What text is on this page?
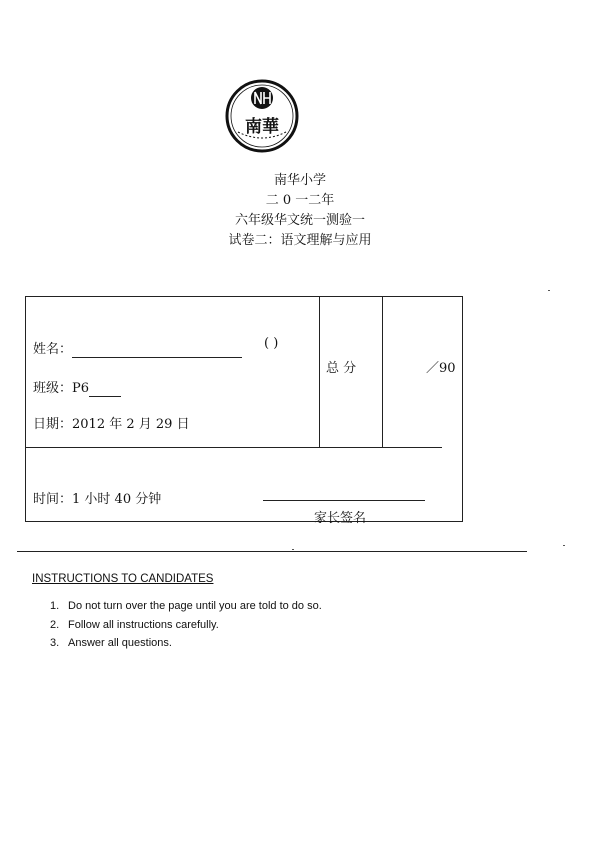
南華
南华小学
二 0 一二年
六年级华文统一测验一
试卷二：语文理解与应用
姓名：	( )
班级：P6
日期：2012 年 2 月 29 日
总 分	／90
时间：1 小时 40 分钟
家长签名
INSTRUCTIONS TO CANDIDATES
1. Do not turn over the page until you are told to do so.
2. Follow all instructions carefully.
3. Answer all questions.
